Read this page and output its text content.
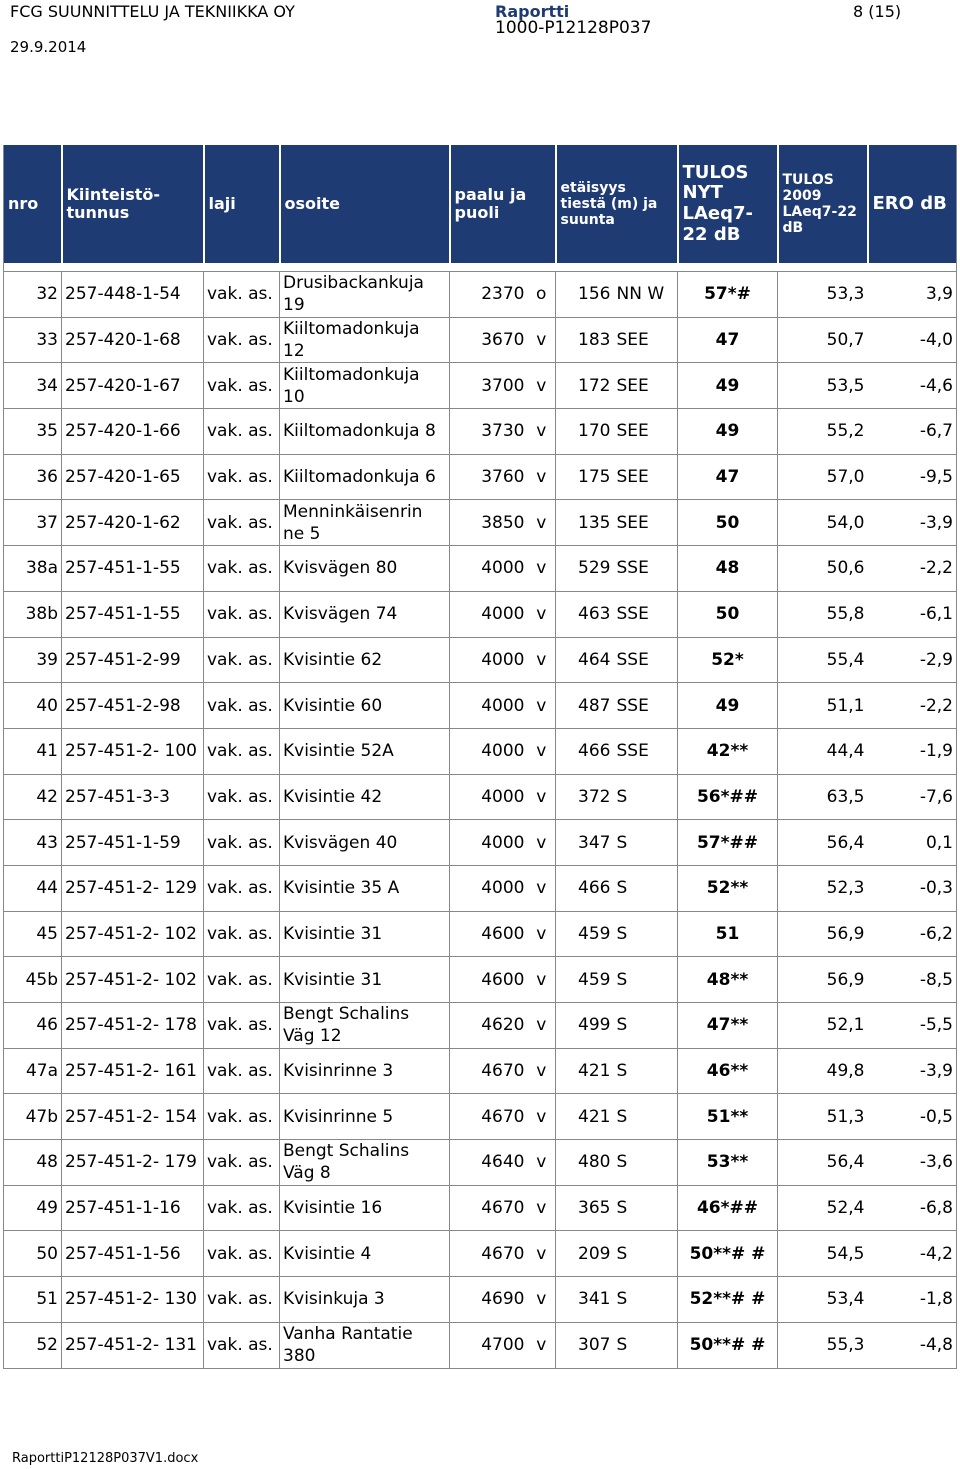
FCG SUUNNITTELU JA TEKNIIKKA OY
29.9.2014
Raportti
1000-P12128P037
8 (15)
nro	Kiinteistö- tunnus	laji	osoite	paalu ja puoli		etäisyys tiestä (m) ja suunta		TULOS NYT LAeq7-22 dB	TULOS 2009 LAeq7-22 dB	ERO dB

32	257-448-1-54	vak. as.	Drusibackankuja 19	2370	o	156	NN W	57*#	53,3	3,9
33	257-420-1-68	vak. as.	Kiiltomadonkuja 12	3670	v	183	SEE	47	50,7	-4,0
34	257-420-1-67	vak. as.	Kiiltomadonkuja 10	3700	v	172	SEE	49	53,5	-4,6
35	257-420-1-66	vak. as.	Kiiltomadonkuja 8	3730	v	170	SEE	49	55,2	-6,7
36	257-420-1-65	vak. as.	Kiiltomadonkuja 6	3760	v	175	SEE	47	57,0	-9,5
37	257-420-1-62	vak. as.	Menninkäisenrin ne 5	3850	v	135	SEE	50	54,0	-3,9
38a	257-451-1-55	vak. as.	Kvisvägen 80	4000	v	529	SSE	48	50,6	-2,2
38b	257-451-1-55	vak. as.	Kvisvägen 74	4000	v	463	SSE	50	55,8	-6,1
39	257-451-2-99	vak. as.	Kvisintie 62	4000	v	464	SSE	52*	55,4	-2,9
40	257-451-2-98	vak. as.	Kvisintie 60	4000	v	487	SSE	49	51,1	-2,2
41	257-451-2- 100	vak. as.	Kvisintie 52A	4000	v	466	SSE	42**	44,4	-1,9
42	257-451-3-3	vak. as.	Kvisintie 42	4000	v	372	S	56*##	63,5	-7,6
43	257-451-1-59	vak. as.	Kvisvägen 40	4000	v	347	S	57*##	56,4	0,1
44	257-451-2- 129	vak. as.	Kvisintie 35 A	4000	v	466	S	52**	52,3	-0,3
45	257-451-2- 102	vak. as.	Kvisintie 31	4600	v	459	S	51	56,9	-6,2
45b	257-451-2- 102	vak. as.	Kvisintie 31	4600	v	459	S	48**	56,9	-8,5
46	257-451-2- 178	vak. as.	Bengt Schalins Väg 12	4620	v	499	S	47**	52,1	-5,5
47a	257-451-2- 161	vak. as.	Kvisinrinne 3	4670	v	421	S	46**	49,8	-3,9
47b	257-451-2- 154	vak. as.	Kvisinrinne 5	4670	v	421	S	51**	51,3	-0,5
48	257-451-2- 179	vak. as.	Bengt Schalins Väg 8	4640	v	480	S	53**	56,4	-3,6
49	257-451-1-16	vak. as.	Kvisintie 16	4670	v	365	S	46*##	52,4	-6,8
50	257-451-1-56	vak. as.	Kvisintie 4	4670	v	209	S	50**# #	54,5	-4,2
51	257-451-2- 130	vak. as.	Kvisinkuja 3	4690	v	341	S	52**# #	53,4	-1,8
52	257-451-2- 131	vak. as.	Vanha Rantatie 380	4700	v	307	S	50**# #	55,3	-4,8
RaporttiP12128P037V1.docx
